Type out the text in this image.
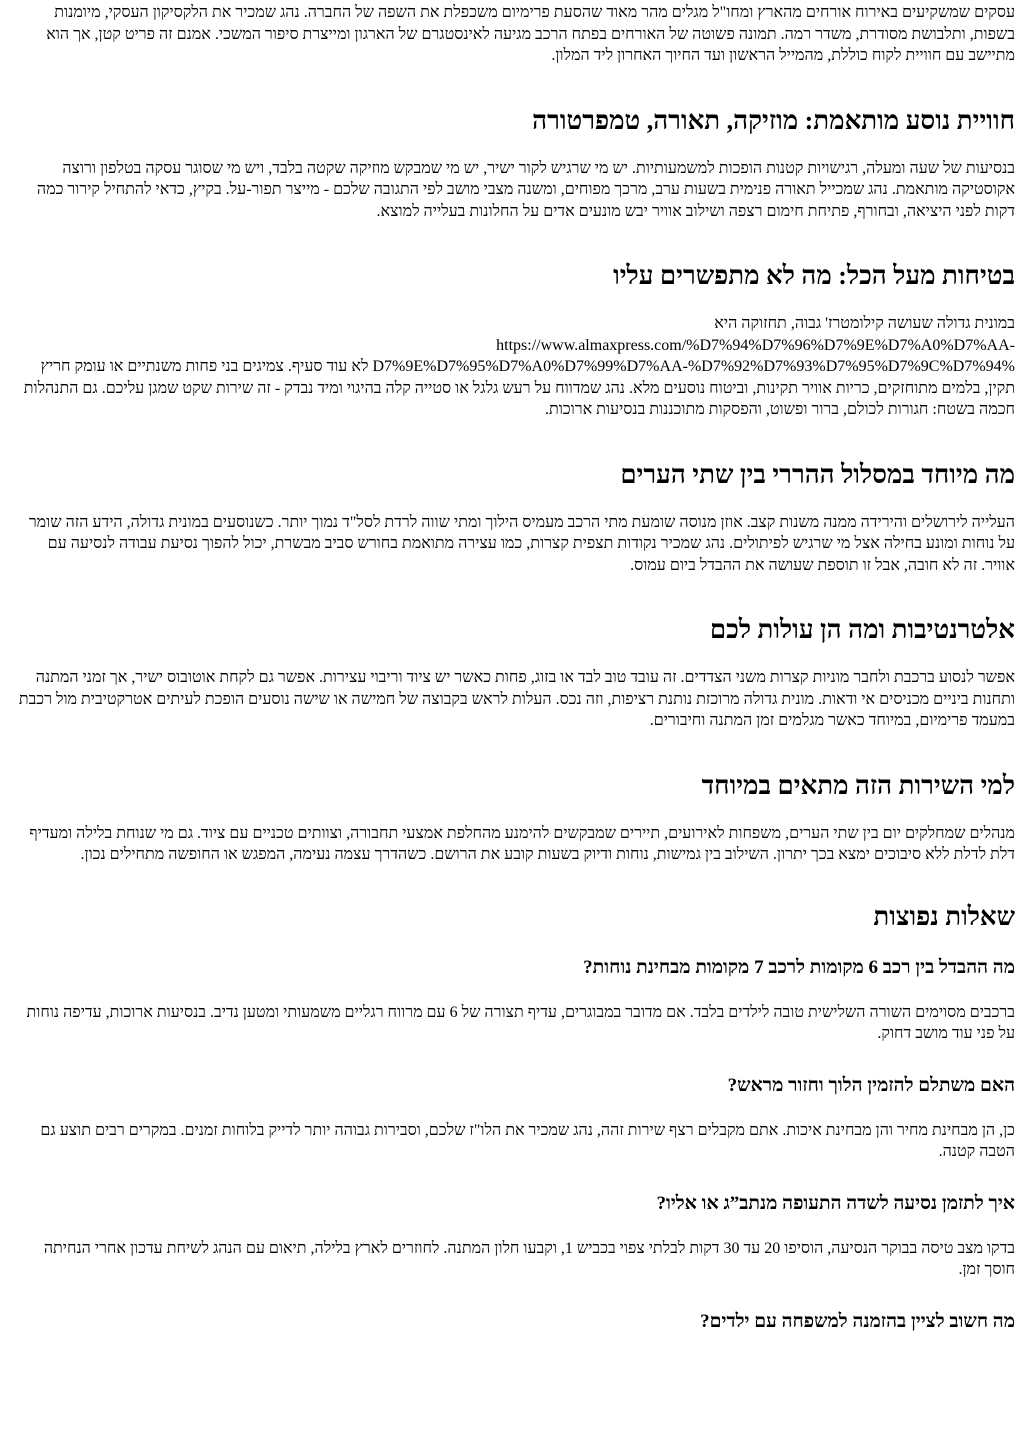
עסקים שמשקיעים באירוח אורחים מהארץ ומחו"ל מגלים מהר מאוד שהסעת פרימיום משכפלת את השפה של החברה. נהג שמכיר את הלקסיקון העסקי, מיומנות בשפות, ותלבושת מסודרת, משדר רמה. תמונה פשוטה של האורחים בפתח הרכב מגיעה לאינסטגרם של הארגון ומייצרת סיפור המשכי. אמנם זה פריט קטן, אך הוא מתיישב עם חוויית לקוח כוללת, מהמייל הראשון ועד החיוך האחרון ליד המלון.

חוויית נוסע מותאמת: מוזיקה, תאורה, טמפרטורה

בנסיעות של שעה ומעלה, רגישויות קטנות הופכות למשמעותיות. יש מי שרגיש לקור ישיר, יש מי שמבקש מוזיקה שקטה בלבד, ויש מי שסוגר עסקה בטלפון ורוצה אקוסטיקה מותאמת. נהג שמכייל תאורה פנימית בשעות ערב, מרכך מפוחים, ומשנה מצבי מושב לפי התגובה שלכם - מייצר תפור-על. בקיץ, כדאי להתחיל קירור כמה דקות לפני היציאה, ובחורף, פתיחת חימום רצפה ושילוב אוויר יבש מונעים אדים על החלונות בעלייה למוצא.

בטיחות מעל הכל: מה לא מתפשרים עליו

במונית גדולה שעושה קילומטרז' גבוה, תחזוקה היא
https://www.almaxpress.com/%D7%94%D7%96%D7%9E%D7%A0%D7%AA-
%D7%9E%D7%95%D7%A0%D7%99%D7%AA-%D7%92%D7%93%D7%95%D7%9C%D7%94 לא עוד סעיף. צמיגים בני פחות משנתיים או עומק חריץ תקין, בלמים מתוחזקים, כריות אוויר תקינות, וביטוח נוסעים מלא. נהג שמדווח על רעש גלגל או סטייה קלה בהיגוי ומיד נבדק - זה שירות שקט שמגן עליכם. גם התנהלות חכמה בשטח: חגורות לכולם, ברור ופשוט, והפסקות מתוכננות בנסיעות ארוכות.

מה מיוחד במסלול ההררי בין שתי הערים

העלייה לירושלים והירידה ממנה משנות קצב. אוזן מנוסה שומעת מתי הרכב מעמיס הילוך ומתי שווה לרדת לסל"ד נמוך יותר. כשנוסעים במונית גדולה, הידע הזה שומר על נוחות ומונע בחילה אצל מי שרגיש לפיתולים. נהג שמכיר נקודות תצפית קצרות, כמו עצירה מתואמת בחורש סביב מבשרת, יכול להפוך נסיעת עבודה לנסיעה עם אוויר. זה לא חובה, אבל זו תוספת שעושה את ההבדל ביום עמוס.

אלטרנטיבות ומה הן עולות לכם

אפשר לנסוע ברכבת ולחבר מוניות קצרות משני הצדדים. זה עובד טוב לבד או בזוג, פחות כאשר יש ציוד וריבוי עצירות. אפשר גם לקחת אוטובוס ישיר, אך זמני המתנה ותחנות ביניים מכניסים אי ודאות. מונית גדולה מרוכזת נותנת רציפות, וזה נכס. העלות לראש בקבוצה של חמישה או שישה נוסעים הופכת לעיתים אטרקטיבית מול רכבת במעמד פרימיום, במיוחד כאשר מגלמים זמן המתנה וחיבורים.

למי השירות הזה מתאים במיוחד

מנהלים שמחלקים יום בין שתי הערים, משפחות לאירועים, תיירים שמבקשים להימנע מהחלפת אמצעי תחבורה, וצוותים טכניים עם ציוד. גם מי שנוחת בלילה ומעדיף דלת לדלת ללא סיבוכים ימצא בכך יתרון. השילוב בין גמישות, נוחות ודיוק בשעות קובע את הרושם. כשהדרך עצמה נעימה, המפגש או החופשה מתחילים נכון.

שאלות נפוצות
מה ההבדל בין רכב 6 מקומות לרכב 7 מקומות מבחינת נוחות?

ברכבים מסוימים השורה השלישית טובה לילדים בלבד. אם מדובר במבוגרים, עדיף תצורה של 6 עם מרווח רגליים משמעותי ומטען נדיב. בנסיעות ארוכות, עדיפה נוחות על פני עוד מושב דחוק.

האם משתלם להזמין הלוך וחזור מראש?

כן, הן מבחינת מחיר והן מבחינת איכות. אתם מקבלים רצף שירות זהה, נהג שמכיר את הלו"ז שלכם, וסבירות גבוהה יותר לדייק בלוחות זמנים. במקרים רבים תוצע גם הטבה קטנה.

איך לתזמן נסיעה לשדה התעופה מנתב”ג או אליו?

בדקו מצב טיסה בבוקר הנסיעה, הוסיפו 20 עד 30 דקות לבלתי צפוי בכביש 1, וקבעו חלון המתנה. לחוזרים לארץ בלילה, תיאום עם הנהג לשיחת עדכון אחרי הנחיתה חוסך זמן.

מה חשוב לציין בהזמנה למשפחה עם ילדים?
